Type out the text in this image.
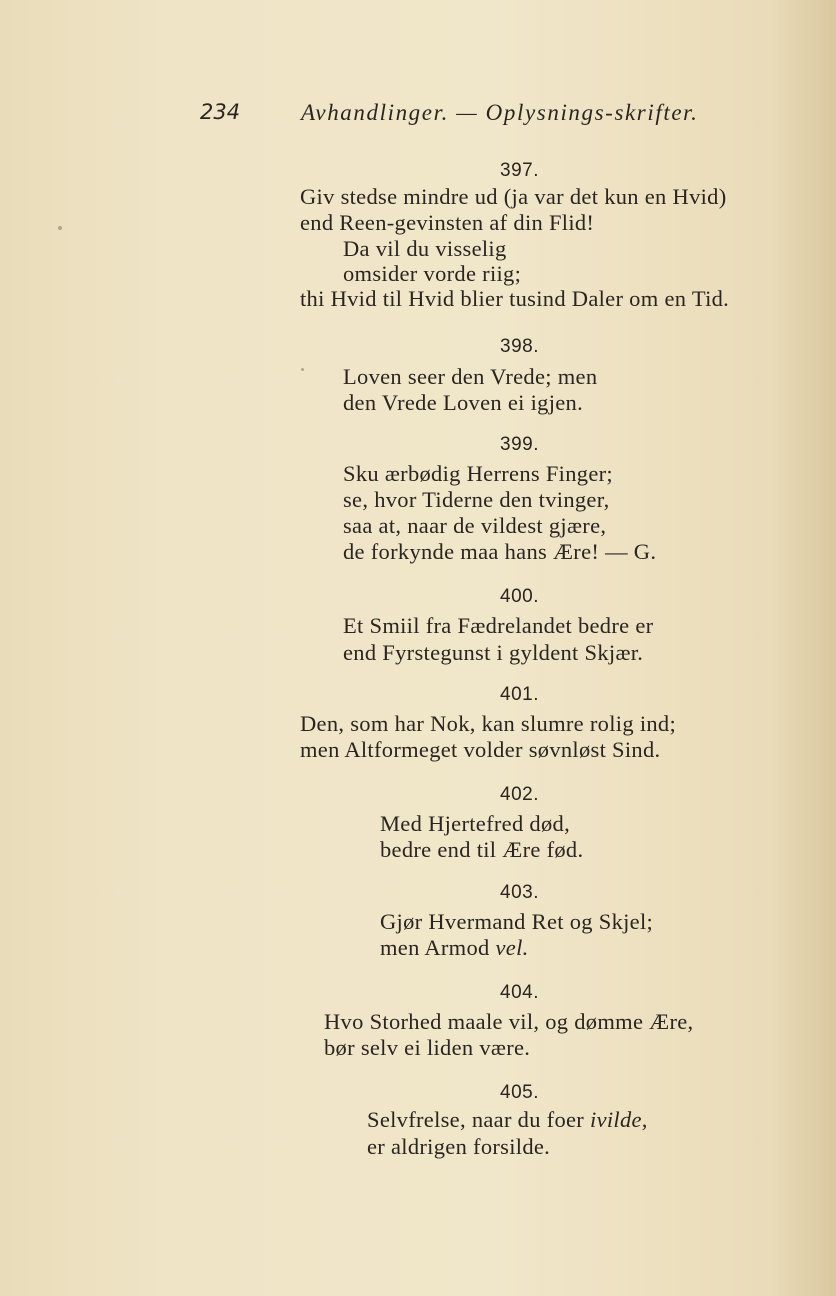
234	Avhandlinger. — Oplysnings-skrifter.
397.
Giv stedse mindre ud (ja var det kun en Hvid)
end Reen-gevinsten af din Flid!
Da vil du visselig
omsider vorde riig;
thi Hvid til Hvid blier tusind Daler om en Tid.
398.
Loven seer den Vrede; men
den Vrede Loven ei igjen.
399.
Sku ærbødig Herrens Finger;
se, hvor Tiderne den tvinger,
saa at, naar de vildest gjære,
de forkynde maa hans Ære! — G.
400.
Et Smiil fra Fædrelandet bedre er
end Fyrstegunst i gyldent Skjær.
401.
Den, som har Nok, kan slumre rolig ind;
men Altformeget volder søvnløst Sind.
402.
Med Hjertefred død,
bedre end til Ære fød.
403.
Gjør Hvermand Ret og Skjel;
men Armod vel.
404.
Hvo Storhed maale vil, og dømme Ære,
bør selv ei liden være.
405.
Selvfrelse, naar du foer ivilde,
er aldrigen forsilde.
